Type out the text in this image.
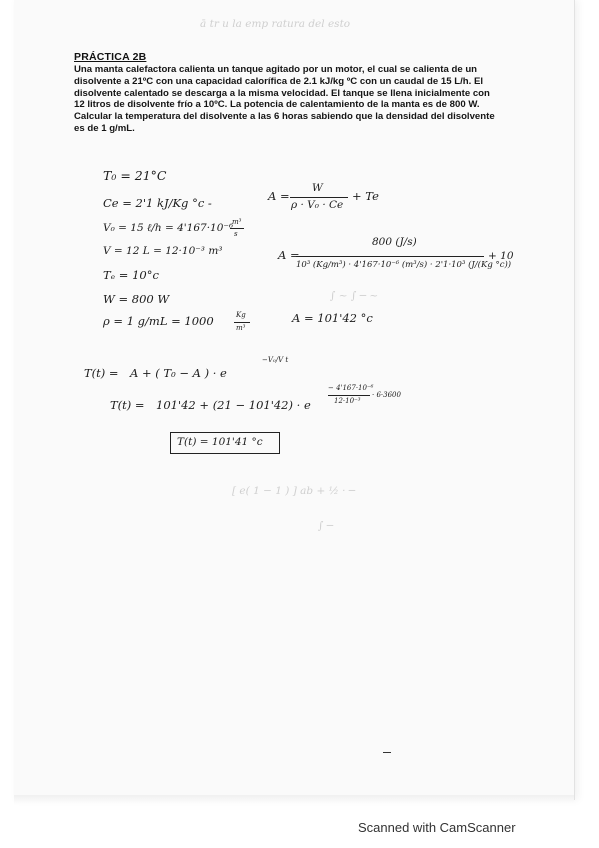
ā tr u la emp ratura del esto
∫ ~ ∫ ─ ~
[ e( 1 − 1 ) ] ab + ½ · ─
∫ ─
PRÁCTICA 2B
Una manta calefactora calienta un tanque agitado por un motor, el cual se calienta de un disolvente a 21ºC con una capacidad calorífica de 2.1 kJ/kg ºC con un caudal de 15 L/h. El disolvente calentado se descarga a la misma velocidad. El tanque se llena inicialmente con 12 litros de disolvente frío a 10ºC. La potencia de calentamiento de la manta es de 800 W. Calcular la temperatura del disolvente a las 6 horas sabiendo que la densidad del disolvente es de 1 g/mL.
T₀ = 21°C
Ce = 2'1 kJ/Kg °c -
V₀ = 15 ℓ/h = 4'167·10⁻⁶
m³
s
V = 12 L = 12·10⁻³ m³
Tₑ = 10°c
W = 800 W
ρ = 1 g/mL = 1000	Kg
m³
A =
W
ρ · V₀ · Ce
+ Te
A =
800 (J/s)
10³ (Kg/m³) · 4'167·10⁻⁶ (m³/s) · 2'1·10³ (J/(Kg °c))
+ 10
A = 101'42 °c
T(t) = A + ( T₀ − A ) · e
−V₀/V t
T(t) = 101'42 + (21 − 101'42) · e
− 4'167·10⁻⁶
12·10⁻³
· 6·3600
T(t) = 101'41 °c
Scanned with CamScanner
